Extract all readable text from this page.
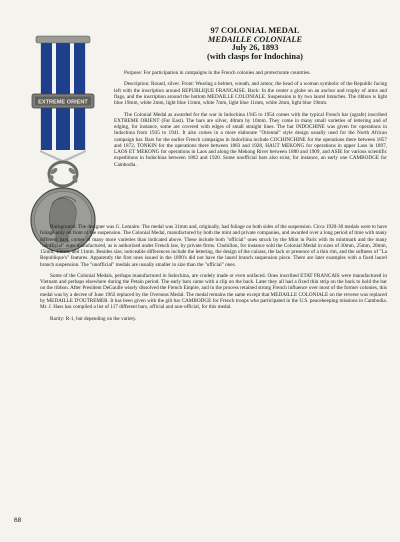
EXTREME ORIENT
97 COLONIAL MEDAL
MEDAILLE COLONIALE
July 26, 1893
(with clasps for Indochina)

Purpose: For participation in campaigns in the French colonies and protectorate countries.

Description: Round, silver. Front: Wearing a helmet, wreath, and armor, the head of a woman symbolic of the Republic facing left with the inscription around REPUBLIQUE FRANCAISE. Back: In the center a globe on an anchor and trophy of arms and flags, and the inscription around the bottom MEDAILLE COLONIALE. Suspension is by two laurel branches. The ribbon is light blue 19mm, white 2mm, light blue 11mm, white 7mm, light blue 11mm, white 2mm, light blue 19mm.

The Colonial Medal as awarded for the war in Indochina 1945 to 1954 comes with the typical French bar (agrafe) inscribed EXTREME ORIENT (Far East). The bars are silver, 40mm by 10mm. They come in many small varieties of lettering and of edging, for instance, some are covered with edges of small straight lines. The bar INDOCHINE was given for operations in Indochina from 1935 to 1941. It also comes in a more elaborate "Oriental" style design usually used for the North African campaign bar. Bars for the earlier French campaigns in Indochina include COCHINCHINE for the operations there between 1857 and 1872, TONKIN for the operations there between 1883 and 1928, HAUT MEKONG for operations in upper Laos in 1897, LAOS ET MEKONG for operations in Laos and along the Mekong River between 1880 and 1909, and ASIE for various scientific expeditions in Indochina between 1882 and 1920. Some unofficial bars also exist, for instance, an early one CAMBODGE for Cambodia.

Background: The designer was G. Lemaire. The medal was 31mm and, originally, had foliage on both sides of the suspension. Circa 1920-30 medals were to have foliage only on front of the suspension. The Colonial Medal, manufactured by both the mint and private companies, and awarded over a long period of time with many different bars, comes in many more varieties than indicated above. These include both "official" ones struck by the Mint in Paris with its mintmark and the many "unofficial" ones manufactured, as is authorized under French law, by private firms. Chobillon, for instance sold the Colonial Medal in sizes of 30mm, 25mm, 20mm, 15mm, 13mm, and 11mm. Besides size, noticeable differences include the lettering, the design of the cuirass, the lack or presence of a thin rim, and the softness of "La Republique's" features. Apparently the first ones issued in the 1890's did not have the laurel branch suspension piece. There are later examples with a fixed laurel branch suspension. The "unofficial" medals are usually smaller in size than the "official" ones.

Some of the Colonial Medals, perhaps manufactured in Indochina, are crudely made or even unifaced. Ones inscribed ETAT FRANCAIS were manufactured in Vietnam and perhaps elsewhere during the Petain period. The early bars came with a clip on the back. Later they all had a fixed thin strip on the back to hold the bar on the ribbon. After President DeGaulle wisely dissolved the French Empire, and in the process retained strong French influence over most of the former colonies, this medal was by a decree of June 1962 replaced by the Overseas Medal. The medal remains the same except that MEDAILLE COLONIALE on the reverse was replaced by MEDAILLE D'OUTREMER. It has been given with the gilt bar CAMBODGE for French troops who participated in the U.S. peacekeeping missions in Cambodia. Mr. J. Hass has compiled a list of 117 different bars, official and non-official, for this medal.

Rarity: R-1, but depending on the variety.

68
